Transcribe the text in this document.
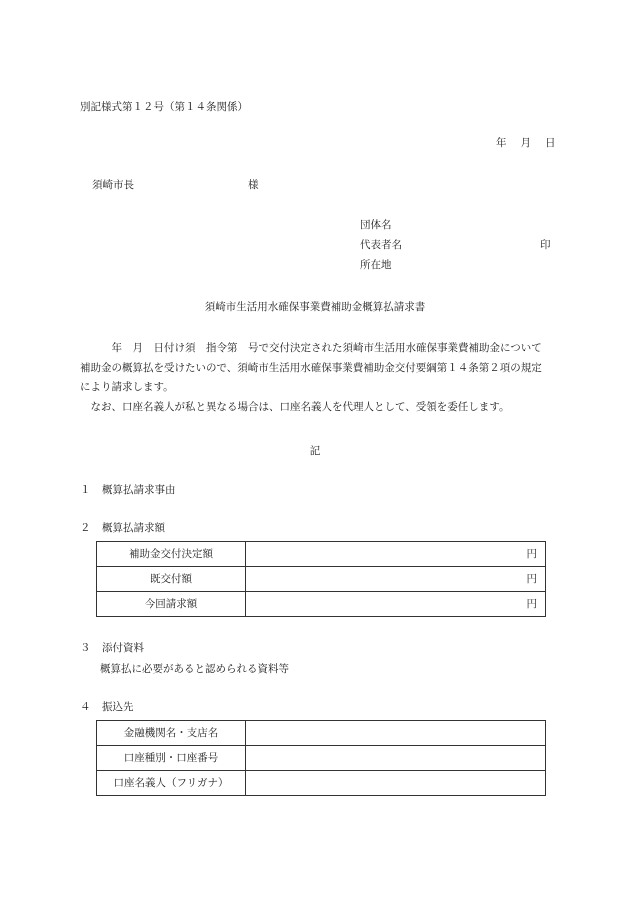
別記様式第１２号（第１４条関係）
年 月 日
須崎市長	様
団体名
代表者名	印
所在地
須崎市生活用水確保事業費補助金概算払請求書

　　　年　月　日付け須　指令第　号で交付決定された須崎市生活用水確保事業費補助金について補助金の概算払を受けたいので、須崎市生活用水確保事業費補助金交付要綱第１４条第２項の規定により請求します。

　なお、口座名義人が私と異なる場合は、口座名義人を代理人として、受領を委任します。

記
１ 概算払請求事由
２ 概算払請求額
補助金交付決定額	円
既交付額	円
今回請求額	円
３ 添付資料
概算払に必要があると認められる資料等
４ 振込先
金融機関名・支店名	
口座種別・口座番号	
口座名義人（フリガナ）	
